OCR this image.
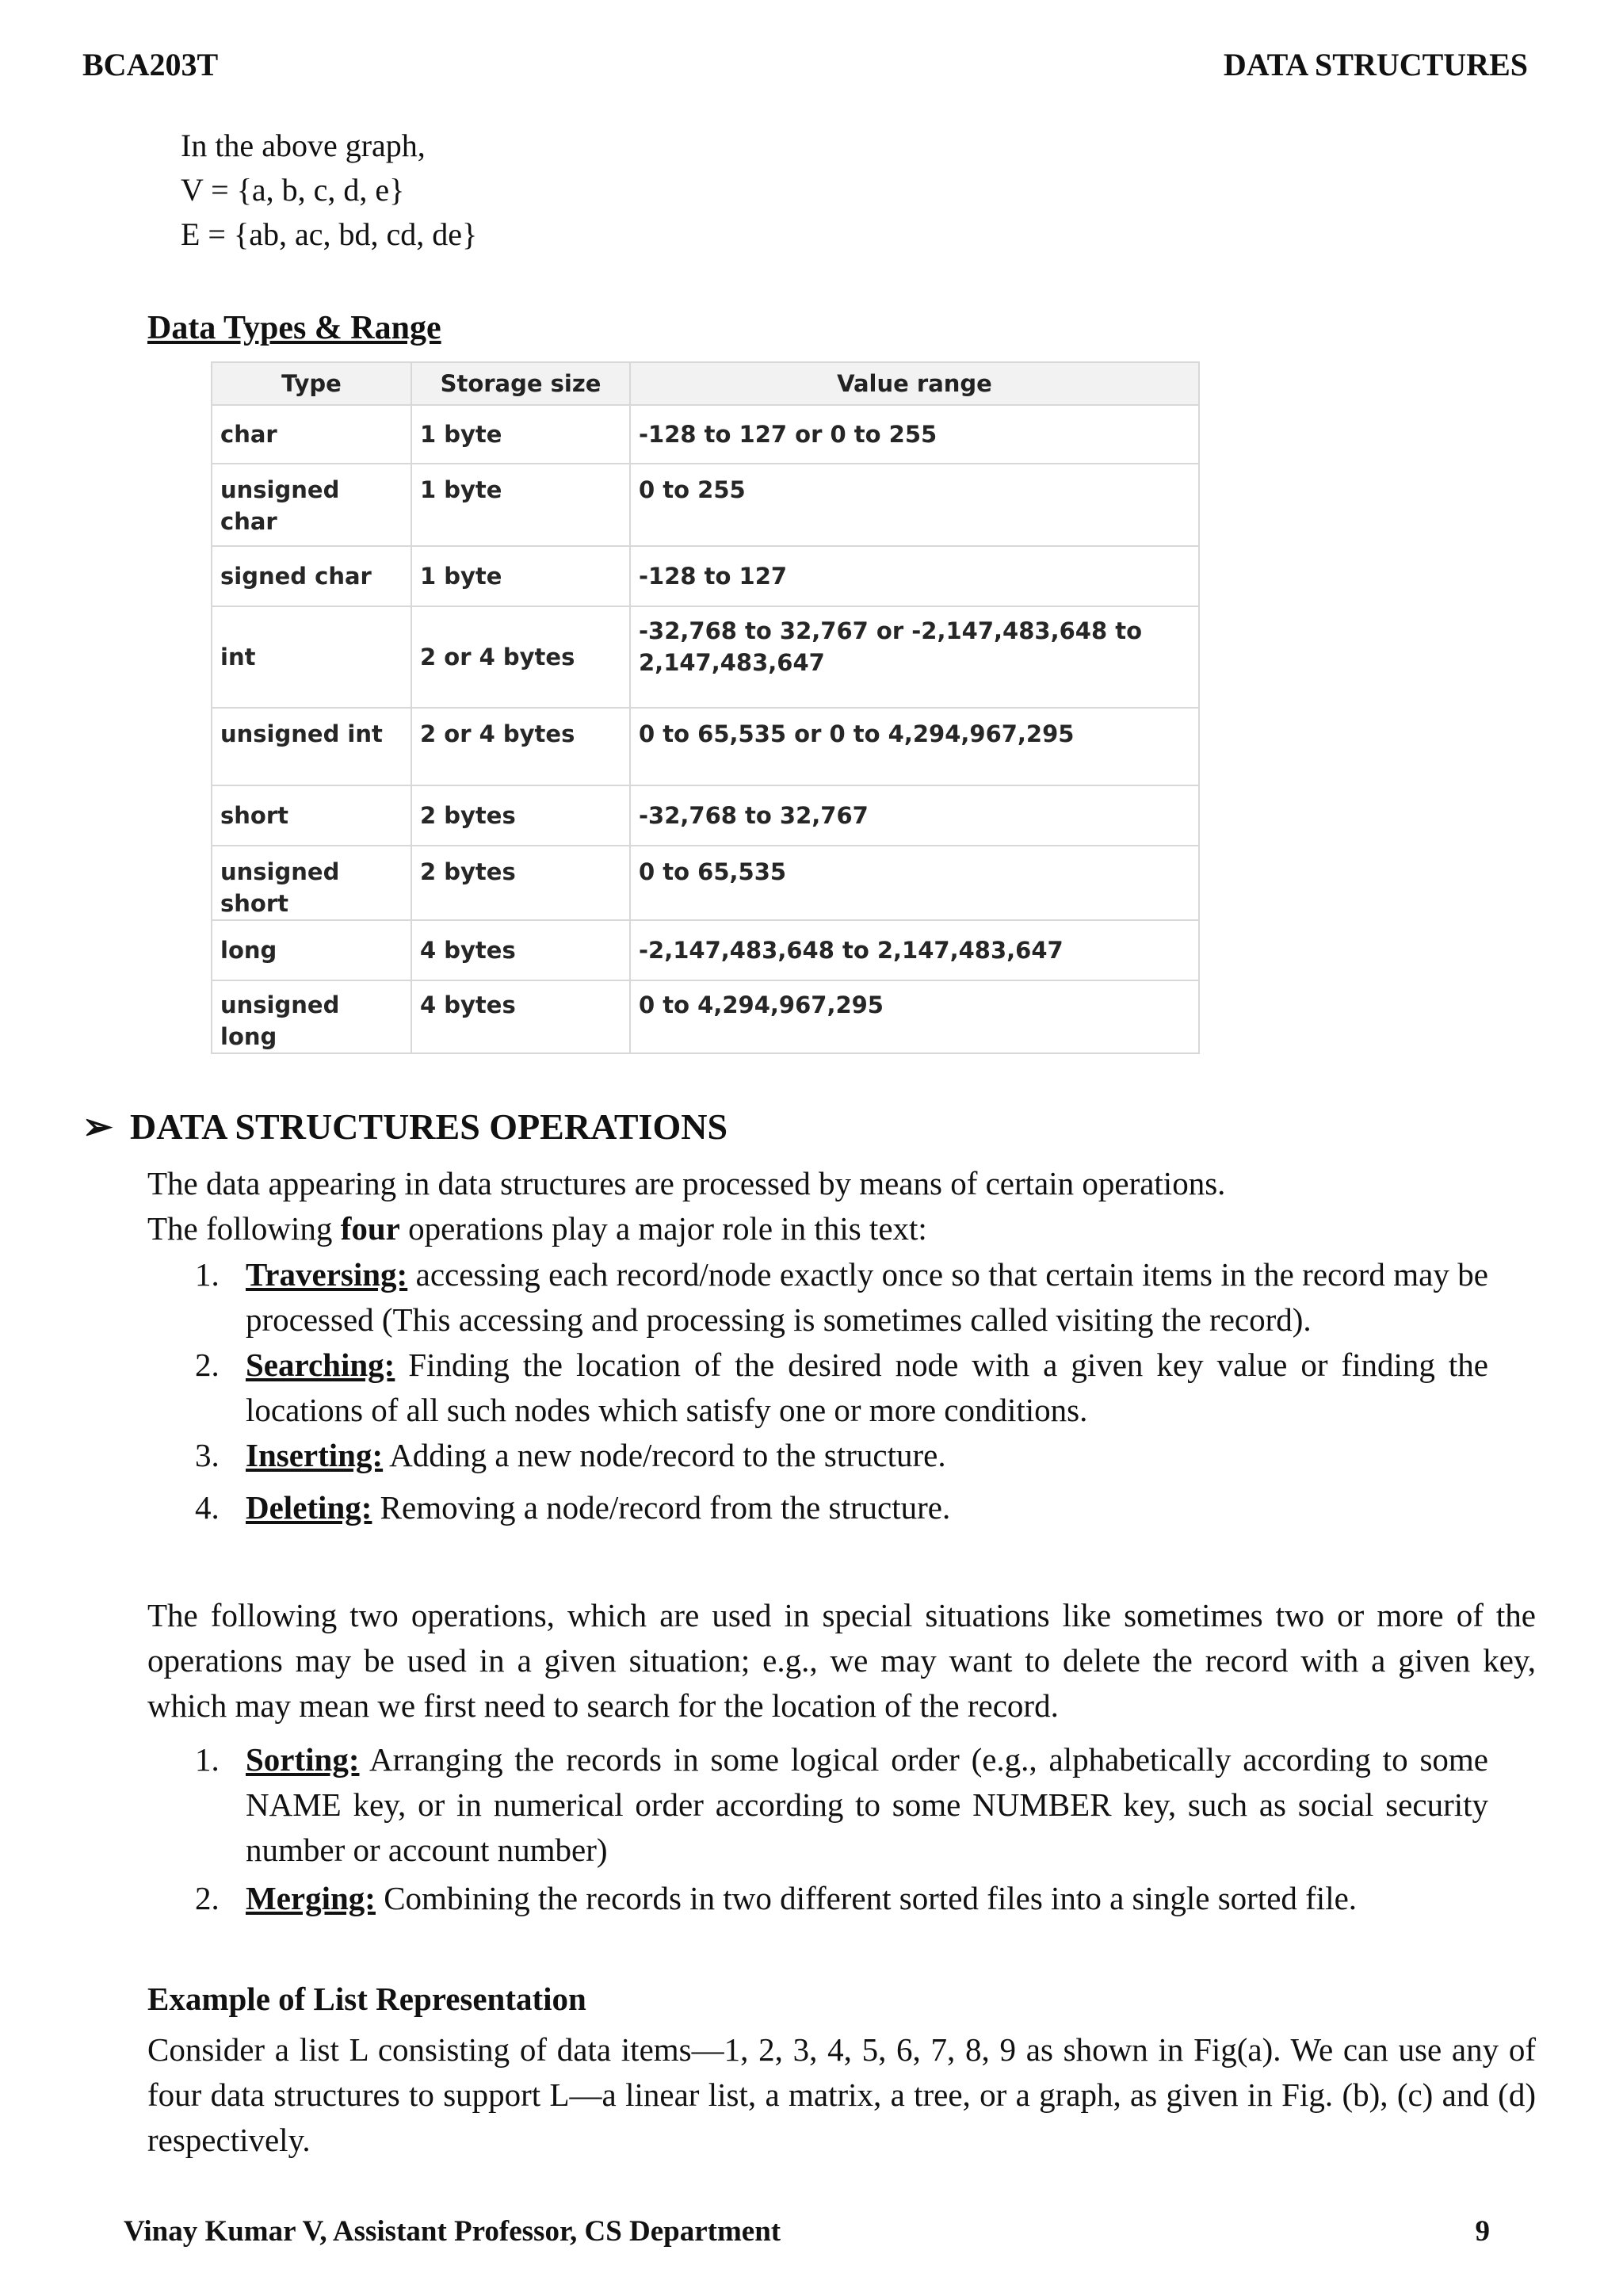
BCA203T	DATA STRUCTURES
In the above graph,
V = {a, b, c, d, e}
E = {ab, ac, bd, cd, de}
Data Types & Range
Type	Storage size	Value range
char	1 byte	-128 to 127 or 0 to 255
unsigned char	1 byte	0 to 255
signed char	1 byte	-128 to 127
int	2 or 4 bytes	-32,768 to 32,767 or -2,147,483,648 to 2,147,483,647
unsigned int	2 or 4 bytes	0 to 65,535 or 0 to 4,294,967,295
short	2 bytes	-32,768 to 32,767
unsigned short	2 bytes	0 to 65,535
long	4 bytes	-2,147,483,648 to 2,147,483,647
unsigned long	4 bytes	0 to 4,294,967,295
➢ DATA STRUCTURES OPERATIONS

The data appearing in data structures are processed by means of certain operations.

The following four operations play a major role in this text:

1. Traversing: accessing each record/node exactly once so that certain items in the record may be processed (This accessing and processing is sometimes called visiting the record).
2. Searching: Finding the location of the desired node with a given key value or finding the locations of all such nodes which satisfy one or more conditions.
3. Inserting: Adding a new node/record to the structure.
4. Deleting: Removing a node/record from the structure.

The following two operations, which are used in special situations like sometimes two or more of the operations may be used in a given situation; e.g., we may want to delete the record with a given key, which may mean we first need to search for the location of the record.

1. Sorting: Arranging the records in some logical order (e.g., alphabetically according to some NAME key, or in numerical order according to some NUMBER key, such as social security number or account number)
2. Merging: Combining the records in two different sorted files into a single sorted file.
Example of List Representation

Consider a list L consisting of data items—1, 2, 3, 4, 5, 6, 7, 8, 9 as shown in Fig(a). We can use any of four data structures to support L—a linear list, a matrix, a tree, or a graph, as given in Fig. (b), (c) and (d) respectively.

Vinay Kumar V, Assistant Professor, CS Department	9
